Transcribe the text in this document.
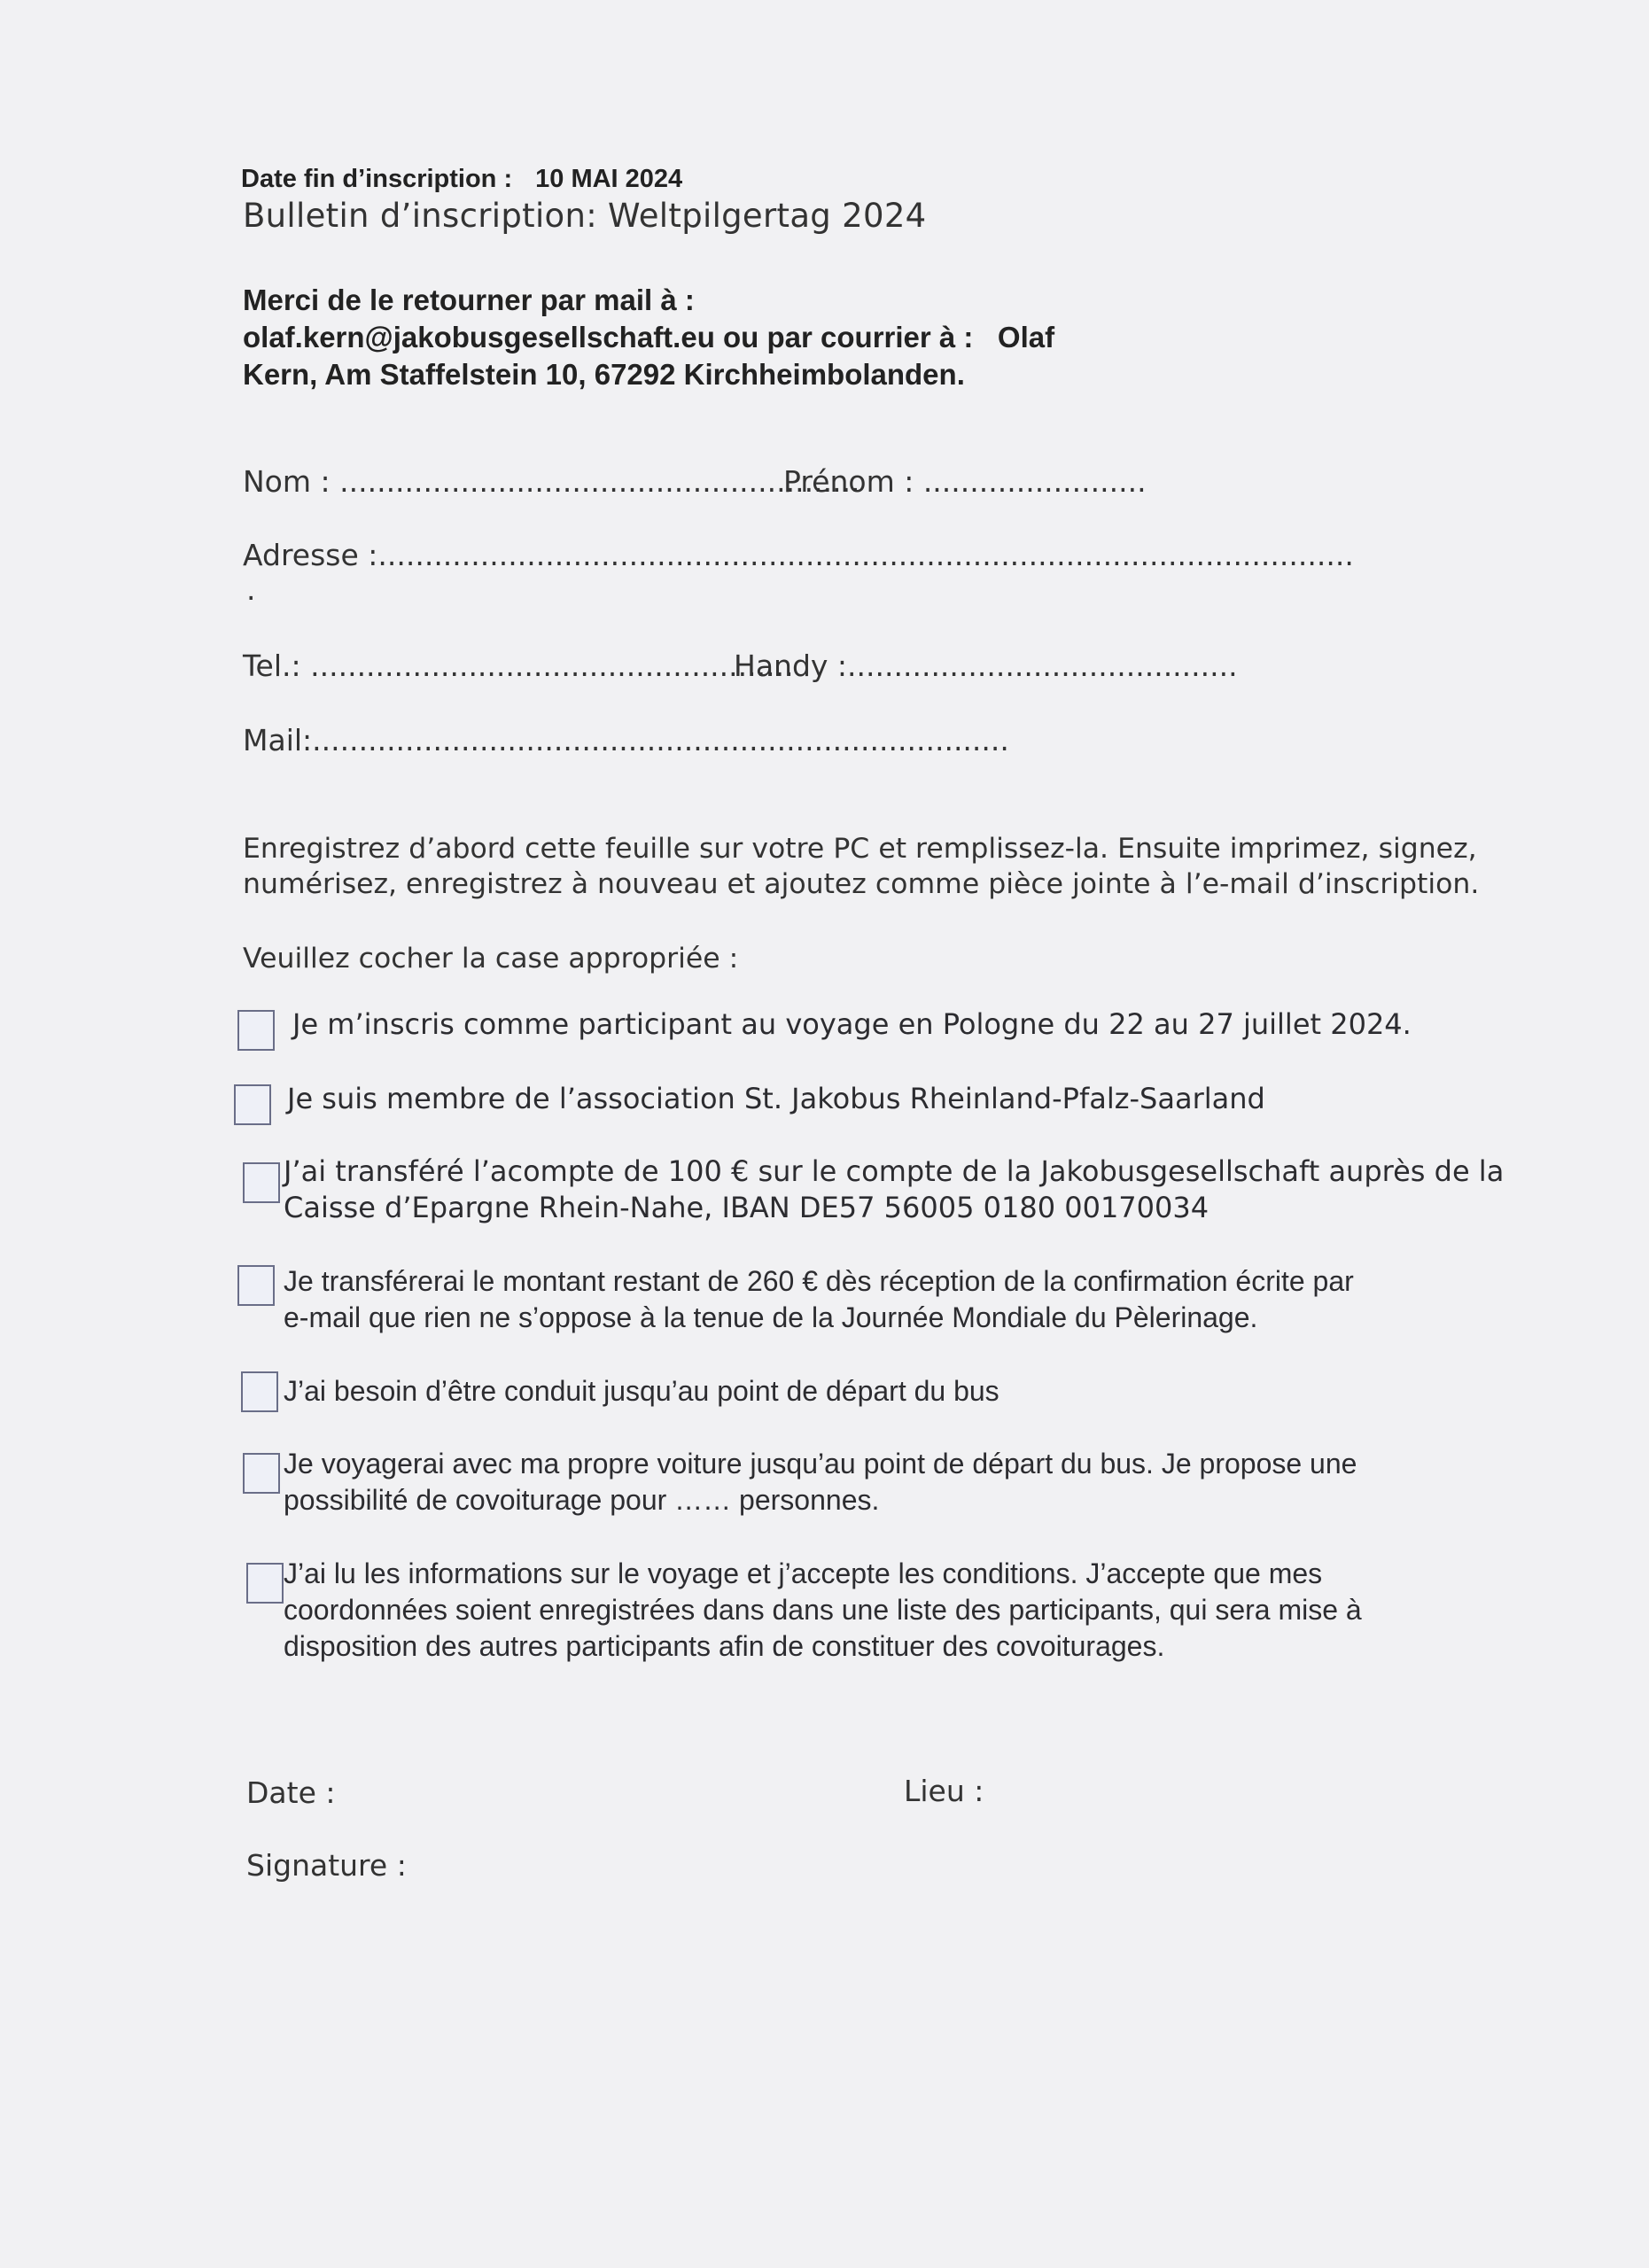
Date fin d’inscription : 10 MAI 2024
Bulletin d’inscription: Weltpilgertag 2024
Merci de le retourner par mail à :
olaf.kern@jakobusgesellschaft.eu ou par courrier à :   Olaf
Kern, Am Staffelstein 10, 67292 Kirchheimbolanden.
Nom : ........................................................
Prénom : ........................
Adresse :.........................................................................................................
.
Tel.: ....................................................
Handy :..........................................
Mail:...........................................................................
Enregistrez d’abord cette feuille sur votre PC et remplissez-la. Ensuite imprimez, signez,
numérisez, enregistrez à nouveau et ajoutez comme pièce jointe à l’e-mail d’inscription.
Veuillez cocher la case appropriée :
Je m’inscris comme participant au voyage en Pologne du 22 au 27 juillet 2024.
Je suis membre de l’association St. Jakobus Rheinland-Pfalz-Saarland
J’ai transféré l’acompte de 100 € sur le compte de la Jakobusgesellschaft auprès de la
Caisse d’Epargne Rhein-Nahe, IBAN DE57 56005 0180 00170034
Je transférerai le montant restant de 260 € dès réception de la confirmation écrite par
e-mail que rien ne s’oppose à la tenue de la Journée Mondiale du Pèlerinage.
J’ai besoin d’être conduit jusqu’au point de départ du bus
Je voyagerai avec ma propre voiture jusqu’au point de départ du bus. Je propose une
possibilité de covoiturage pour …… personnes.
J’ai lu les informations sur le voyage et j’accepte les conditions. J’accepte que mes
coordonnées soient enregistrées dans dans une liste des participants, qui sera mise à
disposition des autres participants afin de constituer des covoiturages.
Date :	Lieu :
Signature :
